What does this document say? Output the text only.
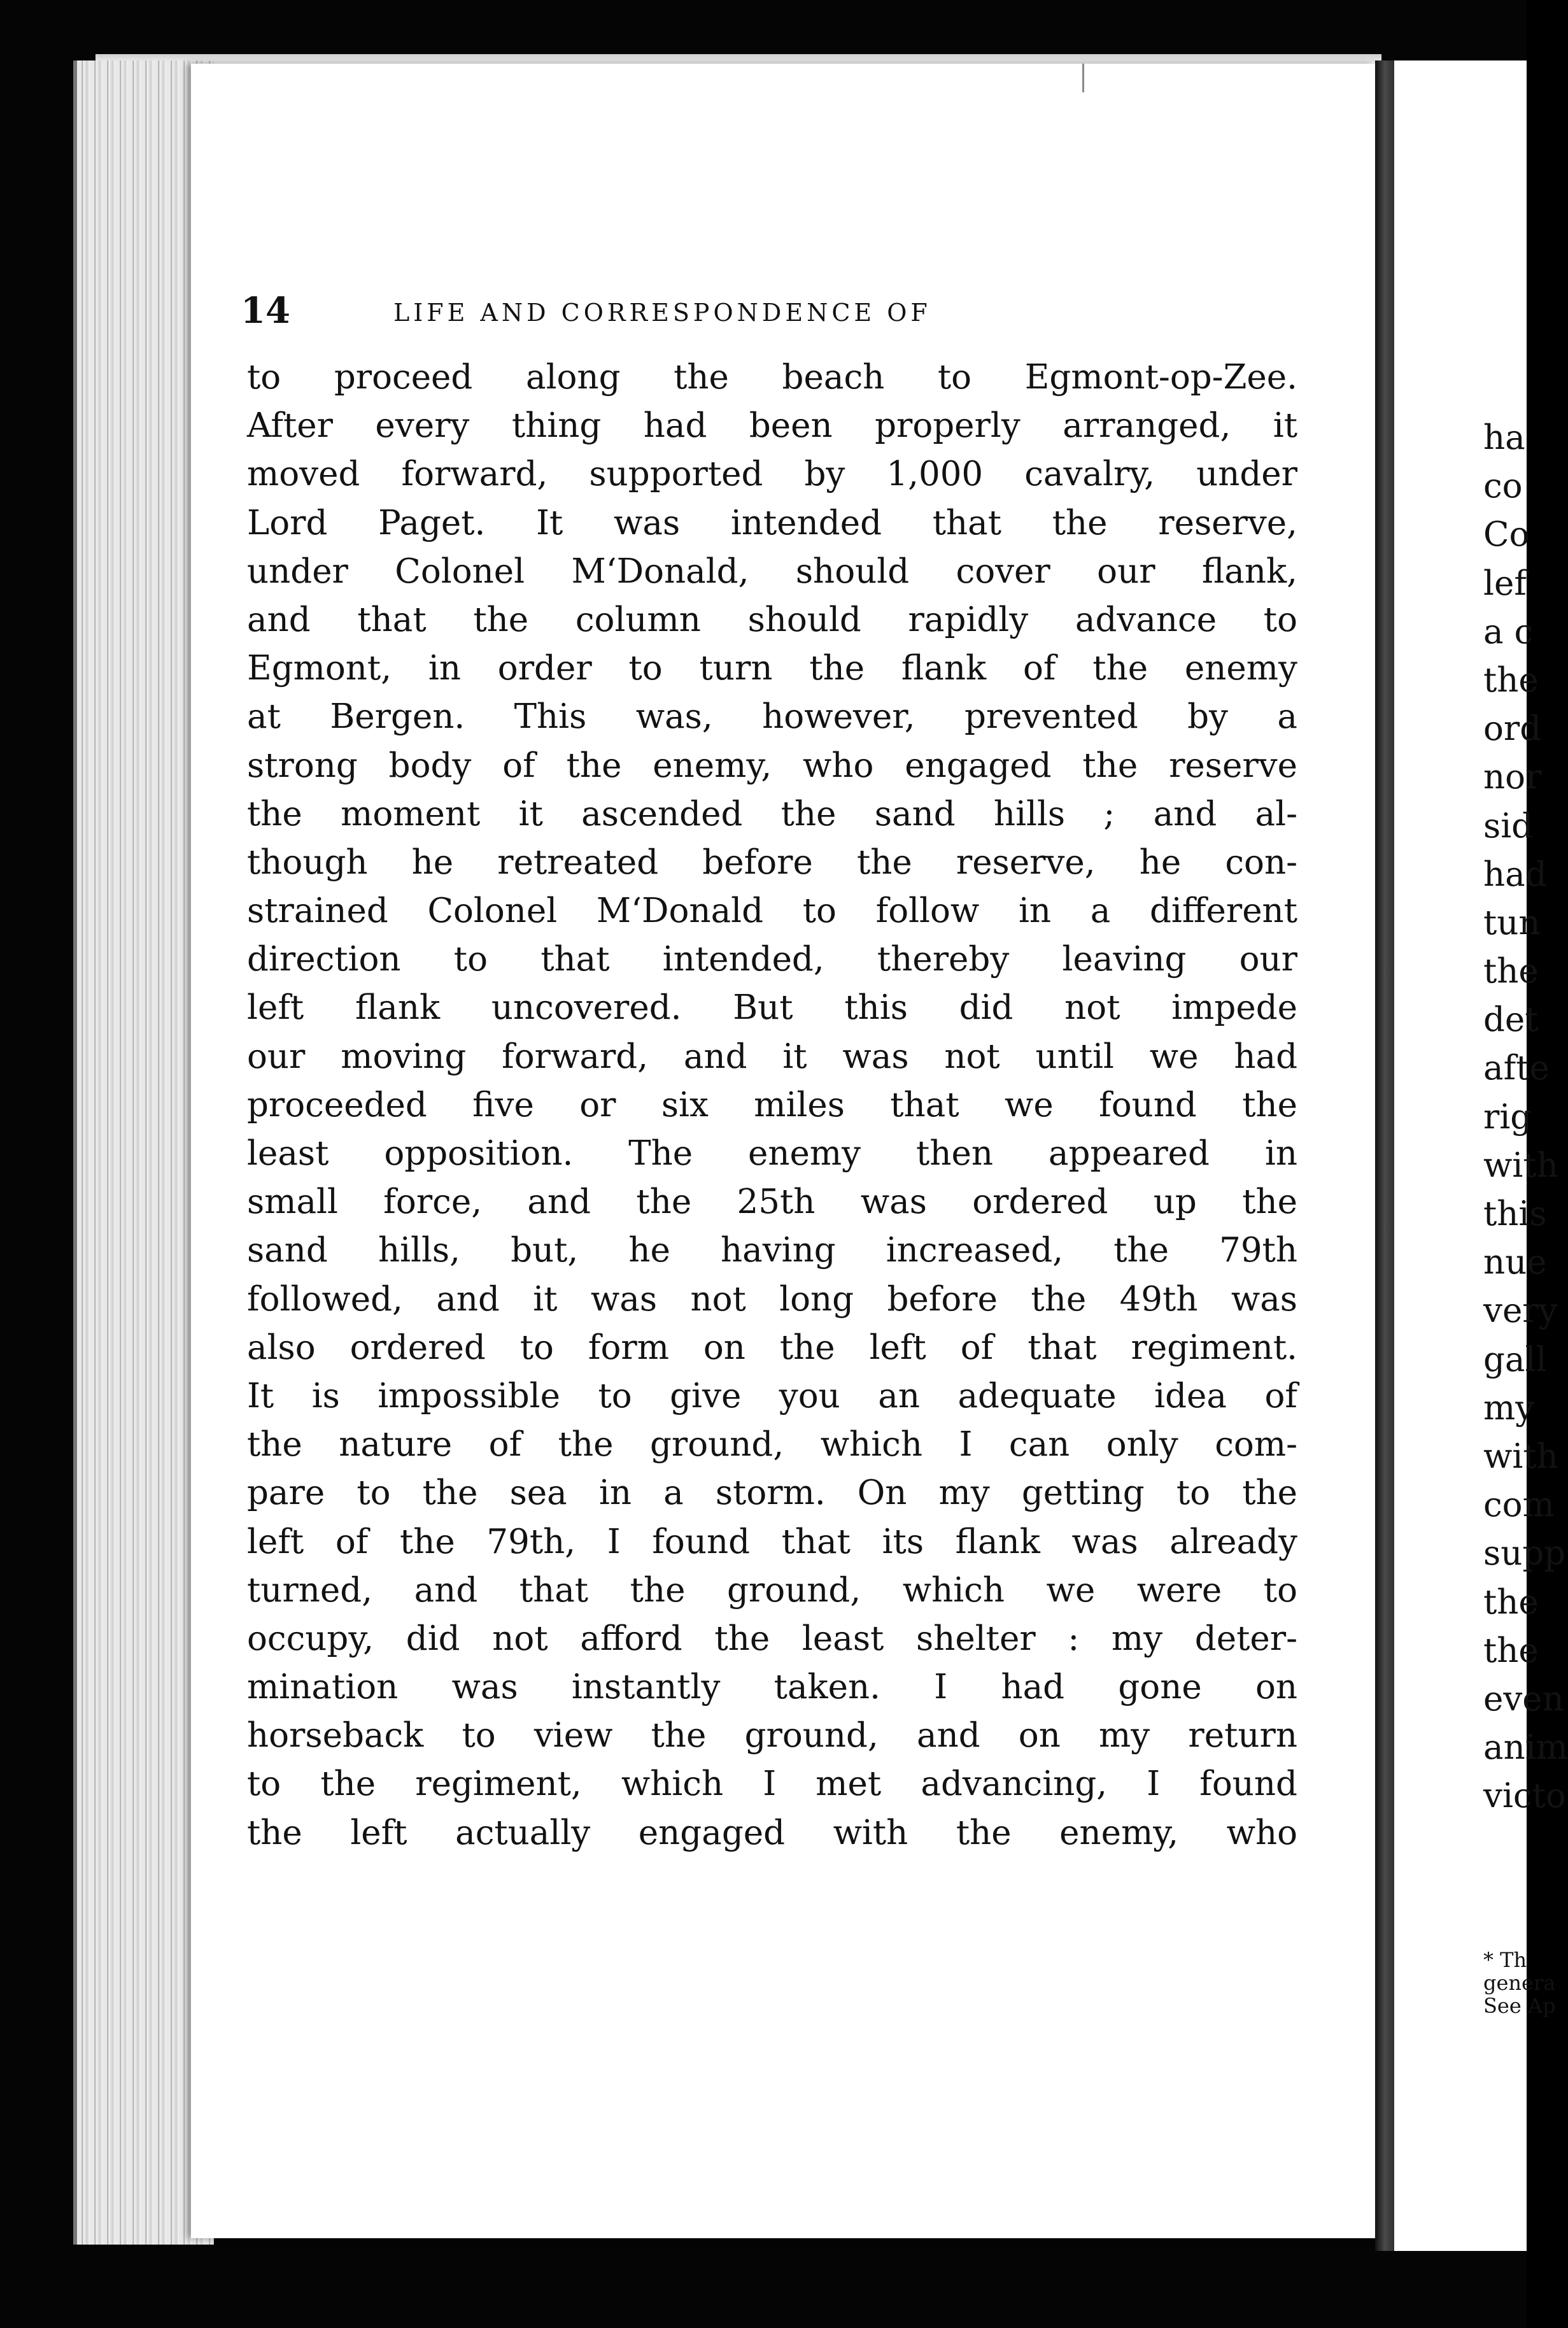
ha
co
Co
lef
a c
the
ord
nor
sid
had
tun
the
det
afte
rig
with
this
nue
very
gall
my
with
com
supp
the
the
even
anim
victo
* Th
genera
See Ap
14	LIFE AND CORRESPONDENCE OF
to proceed along the beach to Egmont-op-Zee.
After every thing had been properly arranged, it
moved forward, supported by 1,000 cavalry, under
Lord Paget. It was intended that the reserve,
under Colonel M‘Donald, should cover our flank,
and that the column should rapidly advance to
Egmont, in order to turn the flank of the enemy
at Bergen. This was, however, prevented by a
strong body of the enemy, who engaged the reserve
the moment it ascended the sand hills ; and al-
though he retreated before the reserve, he con-
strained Colonel M‘Donald to follow in a different
direction to that intended, thereby leaving our
left flank uncovered. But this did not impede
our moving forward, and it was not until we had
proceeded five or six miles that we found the
least opposition. The enemy then appeared in
small force, and the 25th was ordered up the
sand hills, but, he having increased, the 79th
followed, and it was not long before the 49th was
also ordered to form on the left of that regiment.
It is impossible to give you an adequate idea of
the nature of the ground, which I can only com-
pare to the sea in a storm. On my getting to the
left of the 79th, I found that its flank was already
turned, and that the ground, which we were to
occupy, did not afford the least shelter : my deter-
mination was instantly taken. I had gone on
horseback to view the ground, and on my return
to the regiment, which I met advancing, I found
the left actually engaged with the enemy, who
